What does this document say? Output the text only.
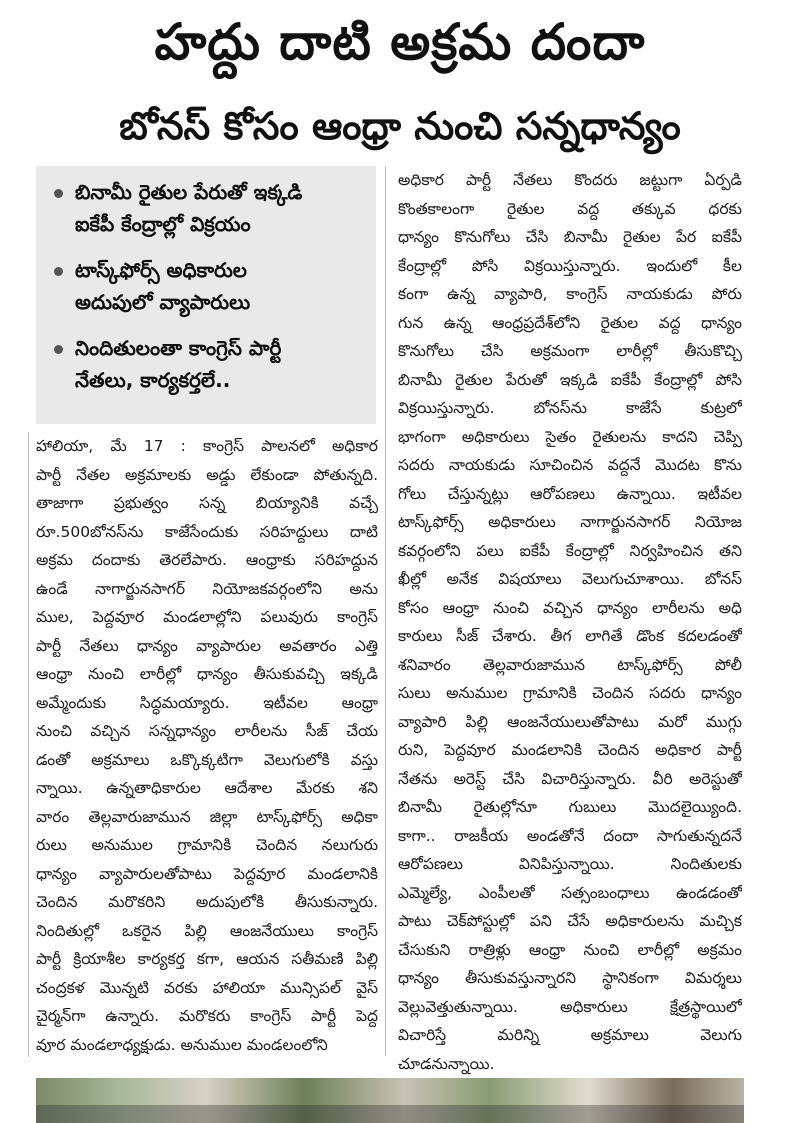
హద్దు దాటి అక్రమ దందా
బోనస్ కోసం ఆంధ్రా నుంచి సన్నధాన్యం
బినామీ రైతుల పేరుతో ఇక్కడి
ఐకేపీ కేంద్రాల్లో విక్రయం
టాస్క్‌ఫోర్స్ అధికారుల
అదుపులో వ్యాపారులు
నిందితులంతా కాంగ్రెస్ పార్టీ
నేతలు, కార్యకర్తలే..
హాలియా, మే 17 : కాంగ్రెస్ పాలనలో అధికార
పార్టీ నేతల అక్రమాలకు అడ్డు లేకుండా పోతున్నది.
తాజాగా ప్రభుత్వం సన్న బియ్యానికి వచ్చే
రూ.500బోనస్‌ను కాజేసేందుకు సరిహద్దులు దాటి
అక్రమ దందాకు తెరలేపారు. ఆంధ్రాకు సరిహద్దున
ఉండే నాగార్జునసాగర్ నియోజకవర్గంలోని అను
ముల, పెద్దవూర మండలాల్లోని పలువురు కాంగ్రెస్
పార్టీ నేతలు ధాన్యం వ్యాపారుల అవతారం ఎత్తి
ఆంధ్రా నుంచి లారీల్లో ధాన్యం తీసుకువచ్చి ఇక్కడి
అమ్మేందుకు సిద్ధమయ్యారు. ఇటీవల ఆంధ్రా
నుంచి వచ్చిన సన్నధాన్యం లారీలను సీజ్ చేయ
డంతో అక్రమాలు ఒక్కొక్కటిగా వెలుగులోకి వస్తు
న్నాయి. ఉన్నతాధికారుల ఆదేశాల మేరకు శని
వారం తెల్లవారుజామున జిల్లా టాస్క్‌ఫోర్స్ అధికా
రులు అనుముల గ్రామానికి చెందిన నలుగురు
ధాన్యం వ్యాపారులతోపాటు పెద్దవూర మండలానికి
చెందిన మరొకరిని అదుపులోకి తీసుకున్నారు.
నిందితుల్లో ఒకరైన పిల్లి ఆంజనేయులు కాంగ్రెస్
పార్టీ క్రియాశీల కార్యకర్త కగా, ఆయన సతీమణి పిల్లి
చంద్రకళ మొన్నటి వరకు హాలియా మున్సిపల్ వైస్
చైర్మన్‌గా ఉన్నారు. మరొకరు కాంగ్రెస్ పార్టీ పెద్ద
వూర మండలాధ్యక్షుడు. అనుముల మండలంలోని
అధికార పార్టీ నేతలు కొందరు జట్టుగా ఏర్పడి
కొంతకాలంగా రైతుల వద్ద తక్కువ ధరకు
ధాన్యం కొనుగోలు చేసి బినామీ రైతుల పేర ఐకేపీ
కేంద్రాల్లో పోసి విక్రయిస్తున్నారు. ఇందులో కీల
కంగా ఉన్న వ్యాపారి, కాంగ్రెస్ నాయకుడు పోరు
గున ఉన్న ఆంధ్రప్రదేశ్‌లోని రైతుల వద్ద ధాన్యం
కొనుగోలు చేసి అక్రమంగా లారీల్లో తీసుకొచ్చి
బినామీ రైతుల పేరుతో ఇక్కడి ఐకేపీ కేంద్రాల్లో పోసి
విక్రయిస్తున్నారు. బోనస్‌ను కాజేసే కుట్రలో
భాగంగా అధికారులు సైతం రైతులను కాదని చెప్పి
సదరు నాయకుడు సూచించిన వద్దనే మొదట కొను
గోలు చేస్తున్నట్లు ఆరోపణలు ఉన్నాయి. ఇటీవల
టాస్క్‌ఫోర్స్ అధికారులు నాగార్జునసాగర్ నియోజ
కవర్గంలోని పలు ఐకేపీ కేంద్రాల్లో నిర్వహించిన తని
ఖీల్లో అనేక విషయాలు వెలుగుచూశాయి. బోనస్
కోసం ఆంధ్రా నుంచి వచ్చిన ధాన్యం లారీలను అధి
కారులు సీజ్ చేశారు. తీగ లాగితే డొంక కదలడంతో
శనివారం తెల్లవారుజామున టాస్క్‌ఫోర్స్ పోలీ
సులు అనుముల గ్రామానికి చెందిన సదరు ధాన్యం
వ్యాపారి పిల్లి ఆంజనేయులుతోపాటు మరో ముగ్గు
రుని, పెద్దవూర మండలానికి చెందిన అధికార పార్టీ
నేతను అరెస్ట్ చేసి విచారిస్తున్నారు. వీరి అరెస్టుతో
బినామీ రైతుల్లోనూ గుబులు మొదలైయ్యింది.
కాగా.. రాజకీయ అండతోనే దందా సాగుతున్నదనే
ఆరోపణలు వినిపిస్తున్నాయి. నిందితులకు
ఎమ్మెల్యే, ఎంపీలతో సత్సంబంధాలు ఉండడంతో
పాటు చెక్‌పోస్టుల్లో పని చేసే అధికారులను మచ్చిక
చేసుకుని రాత్రిళ్లు ఆంధ్రా నుంచి లారీల్లో అక్రమం
ధాన్యం తీసుకువస్తున్నారని స్థానికంగా విమర్శలు
వెల్లువెత్తుతున్నాయి. అధికారులు క్షేత్రస్థాయిలో
విచారిస్తే మరిన్ని అక్రమాలు వెలుగు
చూడనున్నాయి.
